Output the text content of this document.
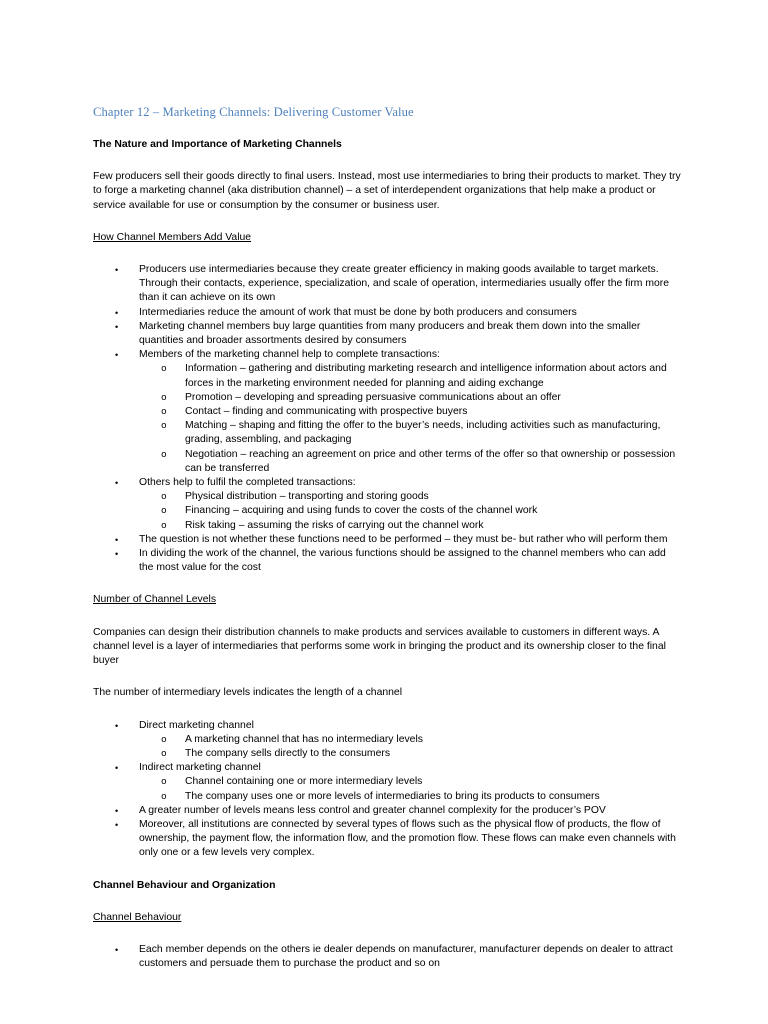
Chapter 12 – Marketing Channels: Delivering Customer Value
The Nature and Importance of Marketing Channels
Few producers sell their goods directly to final users. Instead, most use intermediaries to bring their products to market. They try to forge a marketing channel (aka distribution channel) – a set of interdependent organizations that help make a product or service available for use or consumption by the consumer or business user.
How Channel Members Add Value
• Producers use intermediaries because they create greater efficiency in making goods available to target markets. Through their contacts, experience, specialization, and scale of operation, intermediaries usually offer the firm more than it can achieve on its own
• Intermediaries reduce the amount of work that must be done by both producers and consumers
• Marketing channel members buy large quantities from many producers and break them down into the smaller quantities and broader assortments desired by consumers
• Members of the marketing channel help to complete transactions:
o Information – gathering and distributing marketing research and intelligence information about actors and forces in the marketing environment needed for planning and aiding exchange
o Promotion – developing and spreading persuasive communications about an offer
o Contact – finding and communicating with prospective buyers
o Matching – shaping and fitting the offer to the buyer’s needs, including activities such as manufacturing, grading, assembling, and packaging
o Negotiation – reaching an agreement on price and other terms of the offer so that ownership or possession can be transferred
• Others help to fulfil the completed transactions:
o Physical distribution – transporting and storing goods
o Financing – acquiring and using funds to cover the costs of the channel work
o Risk taking – assuming the risks of carrying out the channel work
• The question is not whether these functions need to be performed – they must be- but rather who will perform them
• In dividing the work of the channel, the various functions should be assigned to the channel members who can add the most value for the cost
Number of Channel Levels
Companies can design their distribution channels to make products and services available to customers in different ways. A channel level is a layer of intermediaries that performs some work in bringing the product and its ownership closer to the final buyer
The number of intermediary levels indicates the length of a channel
• Direct marketing channel
o A marketing channel that has no intermediary levels
o The company sells directly to the consumers
• Indirect marketing channel
o Channel containing one or more intermediary levels
o The company uses one or more levels of intermediaries to bring its products to consumers
• A greater number of levels means less control and greater channel complexity for the producer’s POV
• Moreover, all institutions are connected by several types of flows such as the physical flow of products, the flow of ownership, the payment flow, the information flow, and the promotion flow. These flows can make even channels with only one or a few levels very complex.
Channel Behaviour and Organization
Channel Behaviour
• Each member depends on the others ie dealer depends on manufacturer, manufacturer depends on dealer to attract customers and persuade them to purchase the product and so on
